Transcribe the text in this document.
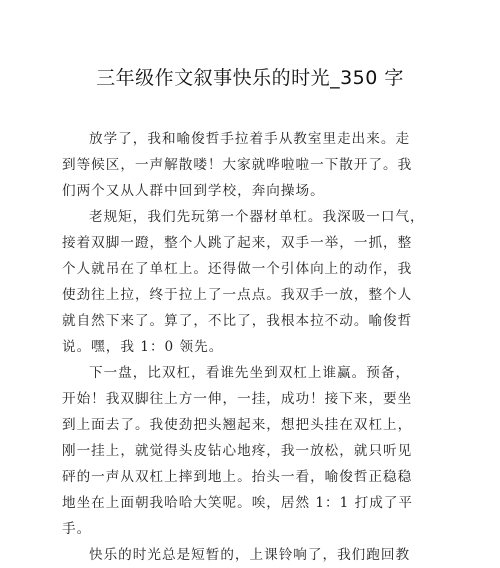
三年级作文叙事快乐的时光_350 字
放学了，我和喻俊哲手拉着手从教室里走出来。走
到等候区，一声解散喽！大家就哗啦啦一下散开了。我
们两个又从人群中回到学校，奔向操场。
老规矩，我们先玩第一个器材单杠。我深吸一口气，
接着双脚一蹬，整个人跳了起来，双手一举，一抓，整
个人就吊在了单杠上。还得做一个引体向上的动作，我
使劲往上拉，终于拉上了一点点。我双手一放，整个人
就自然下来了。算了，不比了，我根本拉不动。喻俊哲
说。嘿，我 1：0 领先。
下一盘，比双杠，看谁先坐到双杠上谁赢。预备，
开始！我双脚往上方一伸，一挂，成功！接下来，要坐
到上面去了。我使劲把头翘起来，想把头挂在双杠上，
刚一挂上，就觉得头皮钻心地疼，我一放松，就只听见
砰的一声从双杠上摔到地上。抬头一看，喻俊哲正稳稳
地坐在上面朝我哈哈大笑呢。唉，居然 1：1 打成了平
手。
快乐的时光总是短暂的，上课铃响了，我们跑回教
